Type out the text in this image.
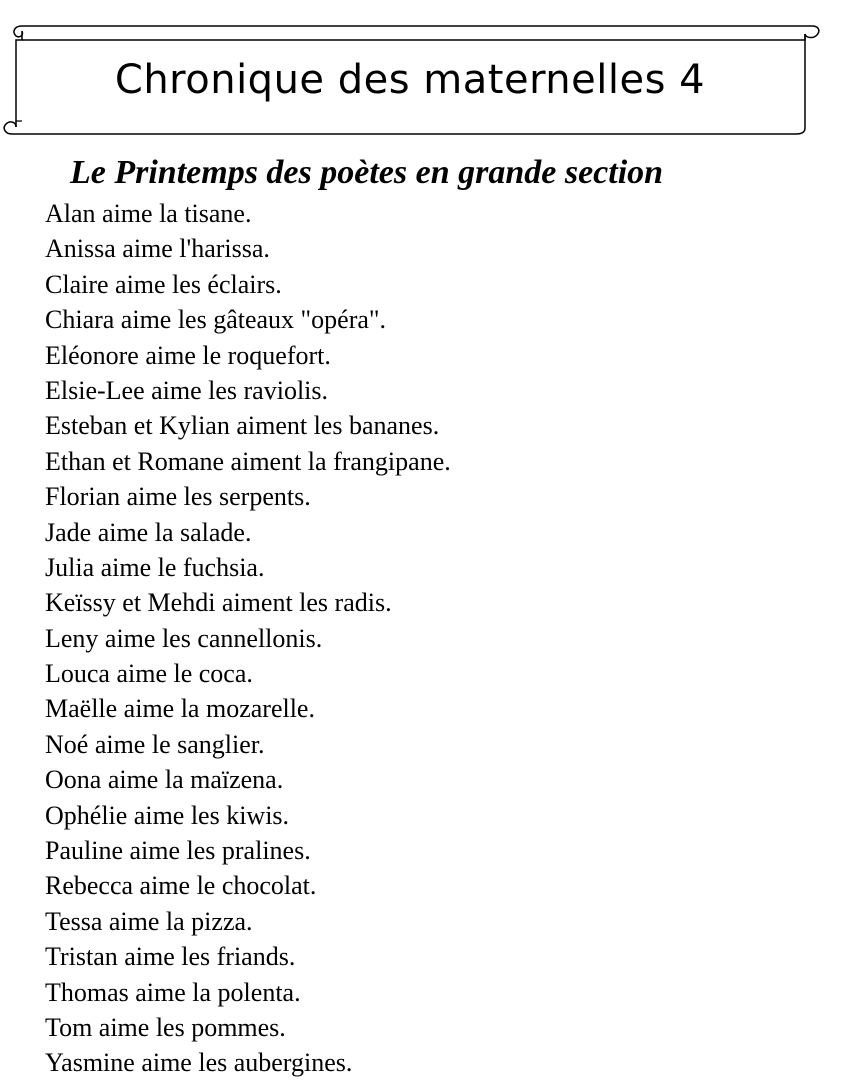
Chronique des maternelles 4
Le Printemps des poètes en grande section
Alan aime la tisane.
Anissa aime l'harissa.
Claire aime les éclairs.
Chiara aime les gâteaux "opéra".
Eléonore aime le roquefort.
Elsie-Lee aime les raviolis.
Esteban et Kylian aiment les bananes.
Ethan et Romane aiment la frangipane.
Florian aime les serpents.
Jade aime la salade.
Julia aime le fuchsia.
Keïssy et Mehdi aiment les radis.
Leny aime les cannellonis.
Louca aime le coca.
Maëlle aime la mozarelle.
Noé aime le sanglier.
Oona aime la maïzena.
Ophélie aime les kiwis.
Pauline aime les pralines.
Rebecca aime le chocolat.
Tessa aime la pizza.
Tristan aime les friands.
Thomas aime la polenta.
Tom aime les pommes.
Yasmine aime les aubergines.
